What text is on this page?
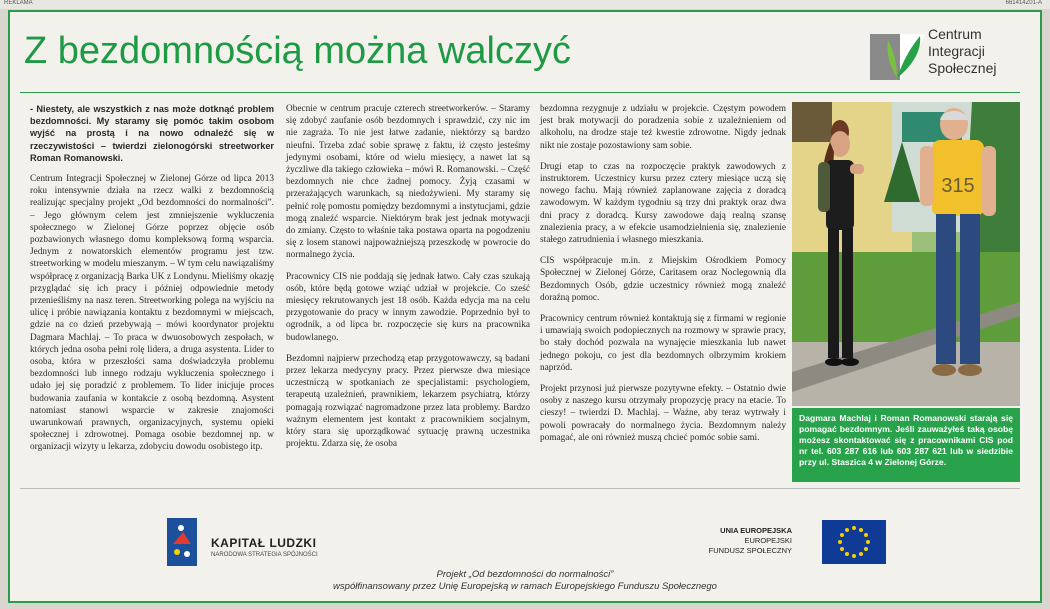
REKLAMA	661414Z01-A
Z bezdomnością można walczyć	Centrum
Integracji
Społecznej

- Niestety, ale wszystkich z nas może dotknąć problem bezdomności. My staramy się pomóc takim osobom wyjść na prostą i na nowo odnaleźć się w rzeczywistości – twierdzi zielonogórski streetworker Roman Romanowski.

Centrum Integracji Społecznej w Zielonej Górze od lipca 2013 roku intensywnie działa na rzecz walki z bezdomnością realizując specjalny projekt „Od bezdomności do normalności”. – Jego głównym celem jest zmniejszenie wykluczenia społecznego w Zielonej Górze poprzez objęcie osób pozbawionych własnego domu kompleksową formą wsparcia. Jednym z nowatorskich elementów programu jest tzw. streetworking w modelu mieszanym. – W tym celu nawiązaliśmy współpracę z organizacją Barka UK z Londynu. Mieliśmy okazję przyglądać się ich pracy i później odpowiednie metody przenieśliśmy na nasz teren. Streetworking polega na wyjściu na ulicę i próbie nawiązania kontaktu z bezdomnymi w miejscach, gdzie na co dzień przebywają – mówi koordynator projektu Dagmara Machlaj. – To praca w dwuosobowych zespołach, w których jedna osoba pełni rolę lidera, a druga asystenta. Lider to osoba, która w przeszłości sama doświadczyła problemu bezdomności lub innego rodzaju wykluczenia społecznego i udało jej się poradzić z problemem. To lider inicjuje proces budowania zaufania w kontakcie z osobą bezdomną. Asystent natomiast stanowi wsparcie w zakresie znajomości uwarunkowań prawnych, organizacyjnych, systemu opieki społecznej i zdrowotnej. Pomaga osobie bezdomnej np. w organizacji wizyty u lekarza, zdobyciu dowodu osobistego itp.

Obecnie w centrum pracuje czterech streetworkerów. – Staramy się zdobyć zaufanie osób bezdomnych i sprawdzić, czy nic im nie zagraża. To nie jest łatwe zadanie, niektórzy są bardzo nieufni. Trzeba zdać sobie sprawę z faktu, iż często jesteśmy jedynymi osobami, które od wielu miesięcy, a nawet lat są życzliwe dla takiego człowieka – mówi R. Romanowski. – Część bezdomnych nie chce żadnej pomocy. Żyją czasami w przerażających warunkach, są niedożywieni. My staramy się pełnić rolę pomostu pomiędzy bezdomnymi a instytucjami, gdzie mogą znaleźć wsparcie. Niektórym brak jest jednak motywacji do zmiany. Często to właśnie taka postawa oparta na pogodzeniu się z losem stanowi najpoważniejszą przeszkodę w powrocie do normalnego życia.

Pracownicy CIS nie poddają się jednak łatwo. Cały czas szukają osób, które będą gotowe wziąć udział w projekcie. Co sześć miesięcy rekrutowanych jest 18 osób. Każda edycja ma na celu przygotowanie do pracy w innym zawodzie. Poprzednio był to ogrodnik, a od lipca br. rozpoczęcie się kurs na pracownika budowlanego.

Bezdomni najpierw przechodzą etap przygotowawczy, są badani przez lekarza medycyny pracy. Przez pierwsze dwa miesiące uczestniczą w spotkaniach ze specjalistami: psychologiem, terapeutą uzależnień, prawnikiem, lekarzem psychiatrą, którzy pomagają rozwiązać nagromadzone przez lata problemy. Bardzo ważnym elementem jest kontakt z pracownikiem socjalnym, który stara się uporządkować sytuację prawną uczestnika projektu. Zdarza się, że osoba

bezdomna rezygnuje z udziału w projekcie. Częstym powodem jest brak motywacji do poradzenia sobie z uzależnieniem od alkoholu, na drodze staje też kwestie zdrowotne. Nigdy jednak nikt nie zostaje pozostawiony sam sobie.

Drugi etap to czas na rozpoczęcie praktyk zawodowych z instruktorem. Uczestnicy kursu przez cztery miesiące uczą się nowego fachu. Mają również zaplanowane zajęcia z doradcą zawodowym. W każdym tygodniu są trzy dni praktyk oraz dwa dni pracy z doradcą. Kursy zawodowe dają realną szansę znalezienia pracy, a w efekcie usamodzielnienia się, znalezienie stałego zatrudnienia i własnego mieszkania.

CIS współpracuje m.in. z Miejskim Ośrodkiem Pomocy Społecznej w Zielonej Górze, Caritasem oraz Noclegownią dla Bezdomnych Osób, gdzie uczestnicy również mogą znaleźć doraźną pomoc.

Pracownicy centrum również kontaktują się z firmami w regionie i umawiają swoich podopiecznych na rozmowy w sprawie pracy, bo stały dochód pozwala na wynajęcie mieszkania lub nawet jednego pokoju, co jest dla bezdomnych olbrzymim krokiem naprzód.

Projekt przynosi już pierwsze pozytywne efekty. – Ostatnio dwie osoby z naszego kursu otrzymały propozycję pracy na etacie. To cieszy! – twierdzi D. Machlaj. – Ważne, aby teraz wytrwały i powoli powracały do normalnego życia. Bezdomnym należy pomagać, ale oni również muszą chcieć pomóc sobie sami.

315
Dagmara Machlaj i Roman Romanowski starają się pomagać bezdomnym. Jeśli zauważyłeś taką osobę możesz skontaktować się z pracownikami CIS pod nr tel. 603 287 616 lub 603 287 621 lub w siedzibie przy ul. Staszica 4 w Zielonej Górze.
KAPITAŁ LUDZKI
NARODOWA STRATEGIA SPÓJNOŚCI
UNIA EUROPEJSKA
EUROPEJSKI
FUNDUSZ SPOŁECZNY
Projekt „Od bezdomności do normalności”
współfinansowany przez Unię Europejską w ramach Europejskiego Funduszu Społecznego
